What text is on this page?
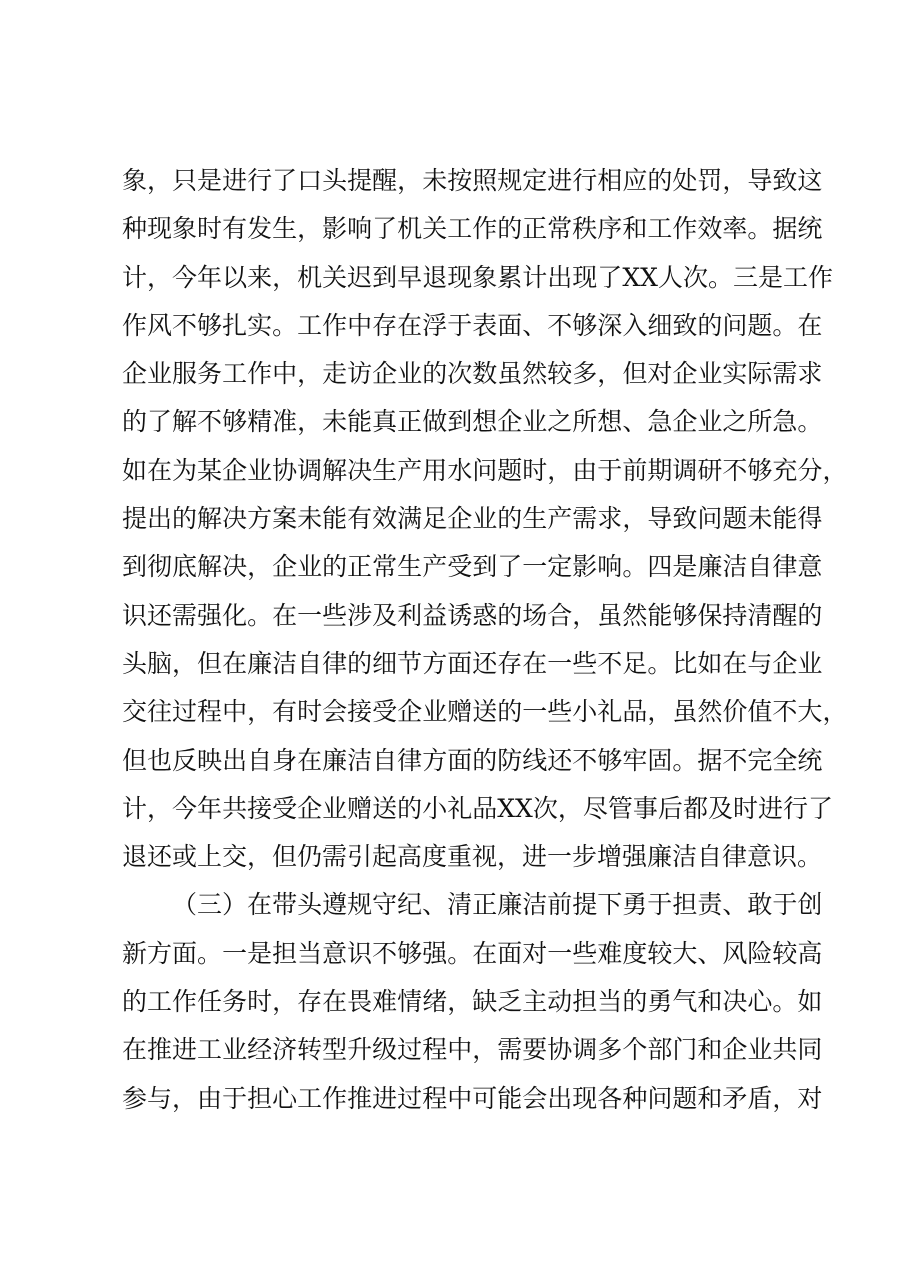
象 ， 只 是 进 行 了 口 头 提 醒 ， 未 按 照 规 定 进 行 相 应 的 处 罚 ， 导 致 这
种 现 象 时 有 发 生 ， 影 响 了 机 关 工 作 的 正 常 秩 序 和 工 作 效 率 。 据 统
计 ， 今 年 以 来 ， 机 关 迟 到 早 退 现 象 累 计 出 现 了 XX 人 次 。 三 是 工 作
作 风 不 够 扎 实 。 工 作 中 存 在 浮 于 表 面 、 不 够 深 入 细 致 的 问 题 。 在
企 业 服 务 工 作 中 ， 走 访 企 业 的 次 数 虽 然 较 多 ， 但 对 企 业 实 际 需 求
的 了 解 不 够 精 准 ， 未 能 真 正 做 到 想 企 业 之 所 想 、 急 企 业 之 所 急 。
如 在 为 某 企 业 协 调 解 决 生 产 用 水 问 题 时 ， 由 于 前 期 调 研 不 够 充 分 ，
提 出 的 解 决 方 案 未 能 有 效 满 足 企 业 的 生 产 需 求 ， 导 致 问 题 未 能 得
到 彻 底 解 决 ， 企 业 的 正 常 生 产 受 到 了 一 定 影 响 。 四 是 廉 洁 自 律 意
识 还 需 强 化 。 在 一 些 涉 及 利 益 诱 惑 的 场 合 ， 虽 然 能 够 保 持 清 醒 的
头 脑 ， 但 在 廉 洁 自 律 的 细 节 方 面 还 存 在 一 些 不 足 。 比 如 在 与 企 业
交 往 过 程 中 ， 有 时 会 接 受 企 业 赠 送 的 一 些 小 礼 品 ， 虽 然 价 值 不 大 ，
但 也 反 映 出 自 身 在 廉 洁 自 律 方 面 的 防 线 还 不 够 牢 固 。 据 不 完 全 统
计 ， 今 年 共 接 受 企 业 赠 送 的 小 礼 品 XX 次 ， 尽 管 事 后 都 及 时 进 行 了
退还或上交，但仍需引起高度重视，进一步增强廉洁自律意识。
（ 三 ） 在 带 头 遵 规 守 纪 、 清 正 廉 洁 前 提 下 勇 于 担 责 、 敢 于 创
新 方 面 。 一 是 担 当 意 识 不 够 强 。 在 面 对 一 些 难 度 较 大 、 风 险 较 高
的 工 作 任 务 时 ， 存 在 畏 难 情 绪 ， 缺 乏 主 动 担 当 的 勇 气 和 决 心 。 如
在 推 进 工 业 经 济 转 型 升 级 过 程 中 ， 需 要 协 调 多 个 部 门 和 企 业 共 同
参 与 ， 由 于 担 心 工 作 推 进 过 程 中 可 能 会 出 现 各 种 问 题 和 矛 盾 ， 对
